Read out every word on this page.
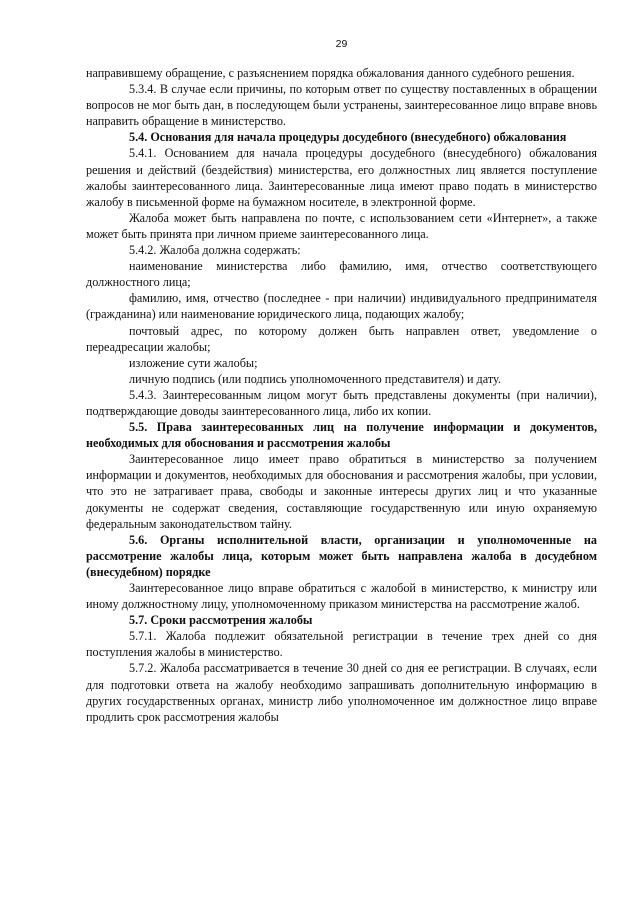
29

направившему обращение, с разъяснением порядка обжалования данного судебного решения.

5.3.4. В случае если причины, по которым ответ по существу поставленных в обращении вопросов не мог быть дан, в последующем были устранены, заинтересованное лицо вправе вновь направить обращение в министерство.

5.4. Основания для начала процедуры досудебного (внесудебного) обжалования

5.4.1. Основанием для начала процедуры досудебного (внесудебного) обжалования решения и действий (бездействия) министерства, его должностных лиц является поступление жалобы заинтересованного лица. Заинтересованные лица имеют право подать в министерство жалобу в письменной форме на бумажном носителе, в электронной форме.

Жалоба может быть направлена по почте, с использованием сети «Интернет», а также может быть принята при личном приеме заинтересованного лица.

5.4.2. Жалоба должна содержать:

наименование министерства либо фамилию, имя, отчество соответствующего должностного лица;

фамилию, имя, отчество (последнее - при наличии) индивидуального предпринимателя (гражданина) или наименование юридического лица, подающих жалобу;

почтовый адрес, по которому должен быть направлен ответ, уведомление о переадресации жалобы;

изложение сути жалобы;

личную подпись (или подпись уполномоченного представителя) и дату.

5.4.3. Заинтересованным лицом могут быть представлены документы (при наличии), подтверждающие доводы заинтересованного лица, либо их копии.

5.5. Права заинтересованных лиц на получение информации и документов, необходимых для обоснования и рассмотрения жалобы

Заинтересованное лицо имеет право обратиться в министерство за получением информации и документов, необходимых для обоснования и рассмотрения жалобы, при условии, что это не затрагивает права, свободы и законные интересы других лиц и что указанные документы не содержат сведения, составляющие государственную или иную охраняемую федеральным законодательством тайну.

5.6. Органы исполнительной власти, организации и уполномоченные на рассмотрение жалобы лица, которым может быть направлена жалоба в досудебном (внесудебном) порядке

Заинтересованное лицо вправе обратиться с жалобой в министерство, к министру или иному должностному лицу, уполномоченному приказом министерства на рассмотрение жалоб.

5.7. Сроки рассмотрения жалобы

5.7.1. Жалоба подлежит обязательной регистрации в течение трех дней со дня поступления жалобы в министерство.

5.7.2. Жалоба рассматривается в течение 30 дней со дня ее регистрации. В случаях, если для подготовки ответа на жалобу необходимо запрашивать дополнительную информацию в других государственных органах, министр либо уполномоченное им должностное лицо вправе продлить срок рассмотрения жалобы
